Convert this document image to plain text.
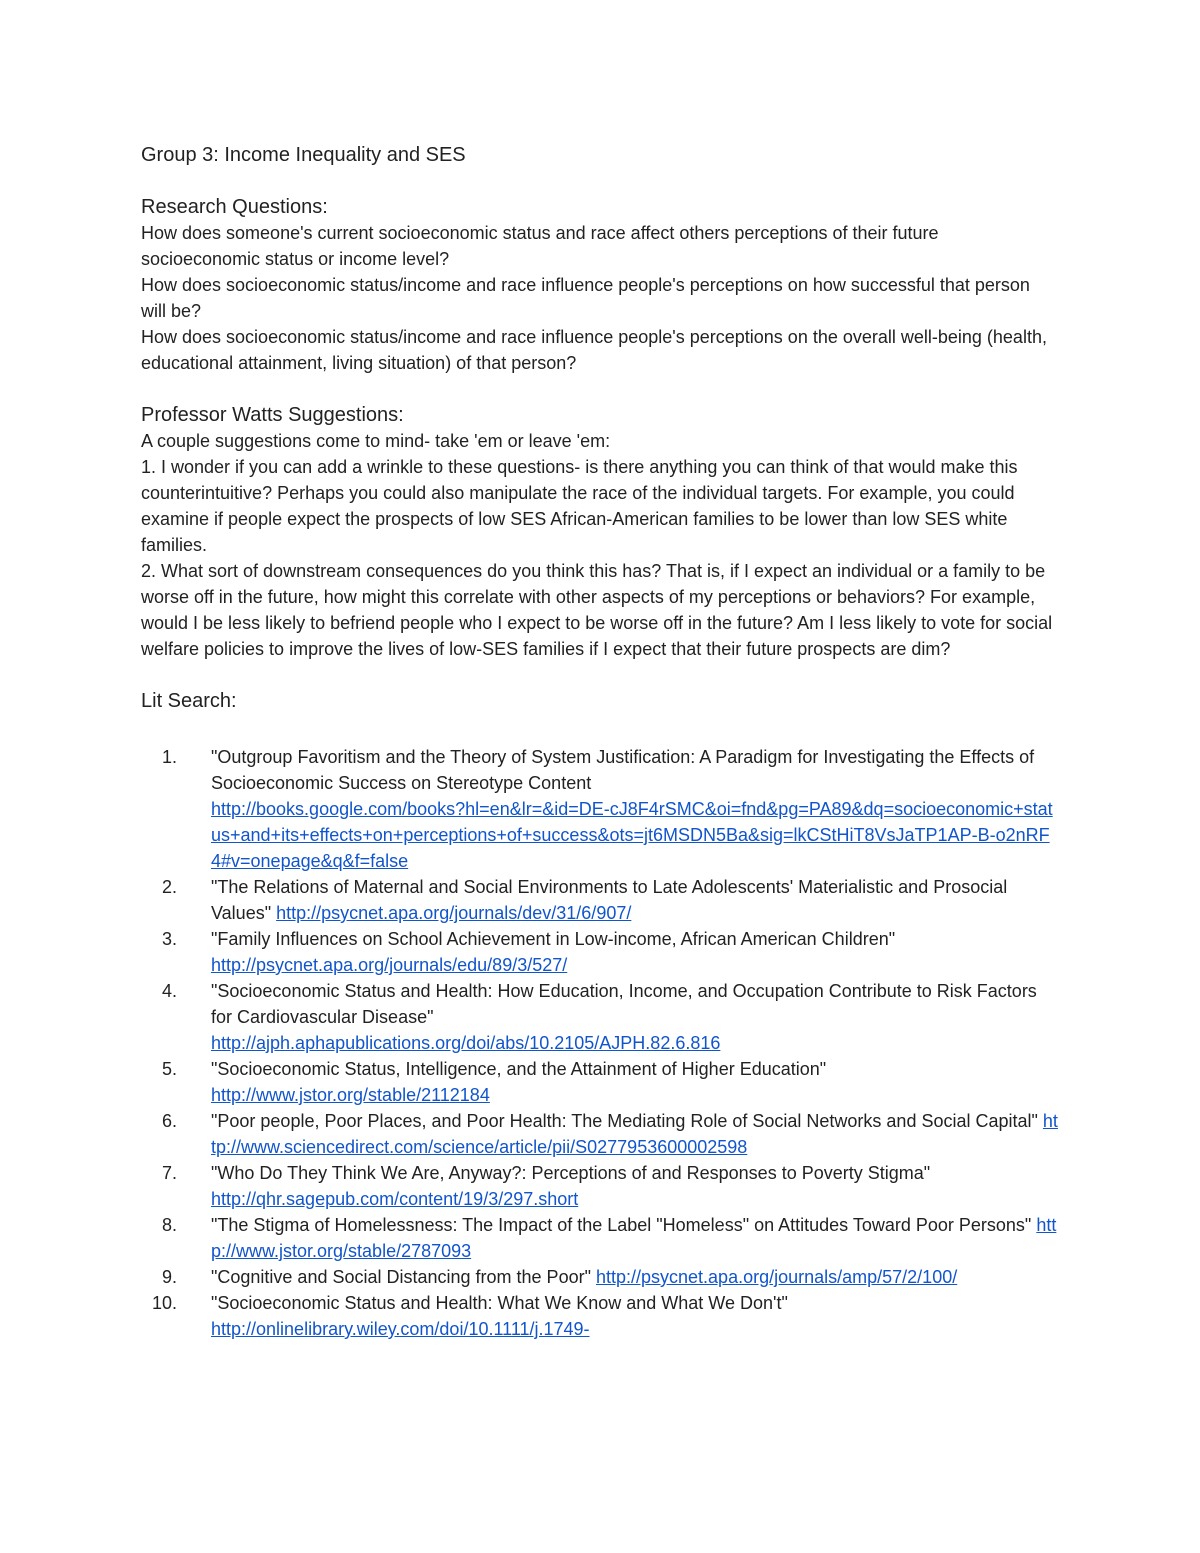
Group 3: Income Inequality and SES
Research Questions:

How does someone's current socioeconomic status and race affect others perceptions of their future socioeconomic status or income level?

How does socioeconomic status/income and race influence people's perceptions on how successful that person will be?

How does socioeconomic status/income and race influence people's perceptions on the overall well-being (health, educational attainment, living situation) of that person?

Professor Watts Suggestions:

A couple suggestions come to mind- take 'em or leave 'em:

1. I wonder if you can add a wrinkle to these questions- is there anything you can think of that would make this counterintuitive? Perhaps you could also manipulate the race of the individual targets. For example, you could examine if people expect the prospects of low SES African-American families to be lower than low SES white families.

2. What sort of downstream consequences do you think this has? That is, if I expect an individual or a family to be worse off in the future, how might this correlate with other aspects of my perceptions or behaviors? For example, would I be less likely to befriend people who I expect to be worse off in the future? Am I less likely to vote for social welfare policies to improve the lives of low-SES families if I expect that their future prospects are dim?

Lit Search:
1. "Outgroup Favoritism and the Theory of System Justification: A Paradigm for Investigating the Effects of Socioeconomic Success on Stereotype Content
http://books.google.com/books?hl=en&lr=&id=DE-cJ8F4rSMC&oi=fnd&pg=PA89&dq=socioeconomic+status+and+its+effects+on+perceptions+of+success&ots=jt6MSDN5Ba&sig=lkCStHiT8VsJaTP1AP-B-o2nRF4#v=onepage&q&f=false
2. "The Relations of Maternal and Social Environments to Late Adolescents' Materialistic and Prosocial Values" http://psycnet.apa.org/journals/dev/31/6/907/
3. "Family Influences on School Achievement in Low-income, African American Children"
http://psycnet.apa.org/journals/edu/89/3/527/
4. "Socioeconomic Status and Health: How Education, Income, and Occupation Contribute to Risk Factors for Cardiovascular Disease"
http://ajph.aphapublications.org/doi/abs/10.2105/AJPH.82.6.816
5. "Socioeconomic Status, Intelligence, and the Attainment of Higher Education"
http://www.jstor.org/stable/2112184
6. "Poor people, Poor Places, and Poor Health: The Mediating Role of Social Networks and Social Capital" http://www.sciencedirect.com/science/article/pii/S0277953600002598
7. "Who Do They Think We Are, Anyway?: Perceptions of and Responses to Poverty Stigma"
http://qhr.sagepub.com/content/19/3/297.short
8. "The Stigma of Homelessness: The Impact of the Label "Homeless" on Attitudes Toward Poor Persons" http://www.jstor.org/stable/2787093
9. "Cognitive and Social Distancing from the Poor" http://psycnet.apa.org/journals/amp/57/2/100/
10. "Socioeconomic Status and Health: What We Know and What We Don't"
http://onlinelibrary.wiley.com/doi/10.1111/j.1749-
